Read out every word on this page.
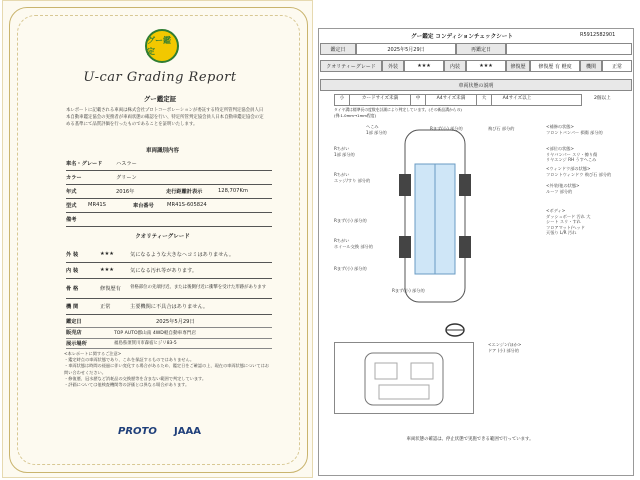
グー鑑定
U-car Grading Report
グー鑑定証
本レポートに記載される車両は株式会社プロトコーポレーションが委託する特定所管判定協会員人日本自動車鑑定協会の実務者が車両状態の確認を行い、特定所管判定協会員人日本自動車鑑定協会の定める基準にて品質評価を行ったものであることを証明いたします。
車両識別内容
車名・グレード	ハスラー
カラー	グリーン
年式	2016年	走行距離計表示	128,707Km
型式	MR41S	車台番号	MR41S-605824
備考
クオリティーグレード
外 装	★★★	気になるような大きなヘコミはありません。
内 装	★★★	気になる汚れ等があります。
骨 格	修復歴有	骨格部位の先端付近、または後側付近に衝撃を受けた形跡があります
機 関	正常	主要機関に不具合はありません。
鑑定日	2025年5月29日
販売店	TOP AUTO郡山南 4WD軽自動車専門店
展示場所	福島県須賀川市森宿ヒジリ83-5
<本レポートに関するご注意>
・鑑定時点の車両状態であり、これを保証するものではありません。
・車両状態は時間の経過に伴い変化する場合があるため、鑑定日をご確認の上、現在の車両状態についてはお問い合わせください。
・修復歴、冠水歴など消耗品の交換歴等を含まない範囲で判定しています。
・評価については他検査機関等の評価とは異なる場合があります。
PROTO JAAA
グー鑑定 コンディションチェックシート	R5912582901
鑑定日	2025年5月29日	再鑑定日
クオリティーグレード	外装	★★★	内装	★★★	修復歴	修復歴 有 軽度	機関	正常
車両状態の説明
小	カードサイズ未満	中	A4サイズ未満	大	A4サイズ以上	2個以上
タイヤ溝は標準長の度数を計測により判定しています。(その新品溝からの)
(例:1.0mm→1mm程度)
Rちがい
1部 部分的
Rちがい
エッジ/すり 部分的
Rちがい
ホイール交換 部分的
Rまず(小) 部分的
Rまず(小) 部分的
Rまず(小) 部分的
へこみ
1部 部分的
Rまず(小) 部分的	飛び石 部分的	<補修の状態>
フロントバンパー 損傷 部分的
<部位の状態>
リヤバンパー スリ・擦り傷
リヤエンジ RH うすへこみ
<ウィンドウ部の状態>
フロントウィンドウ 飛び石 部分的
<外装/他の状態>
ルーフ 部分的
<ボディ>
ダッシュボード 汚れ 大
シート スリ・すれ
フロアマット/ヘッド
天張り L/R 汚れ
<エンジン/ほか>
ドア (小) 部分的
車両状態の確認は、停止状態で実施できる範囲で行っています。
